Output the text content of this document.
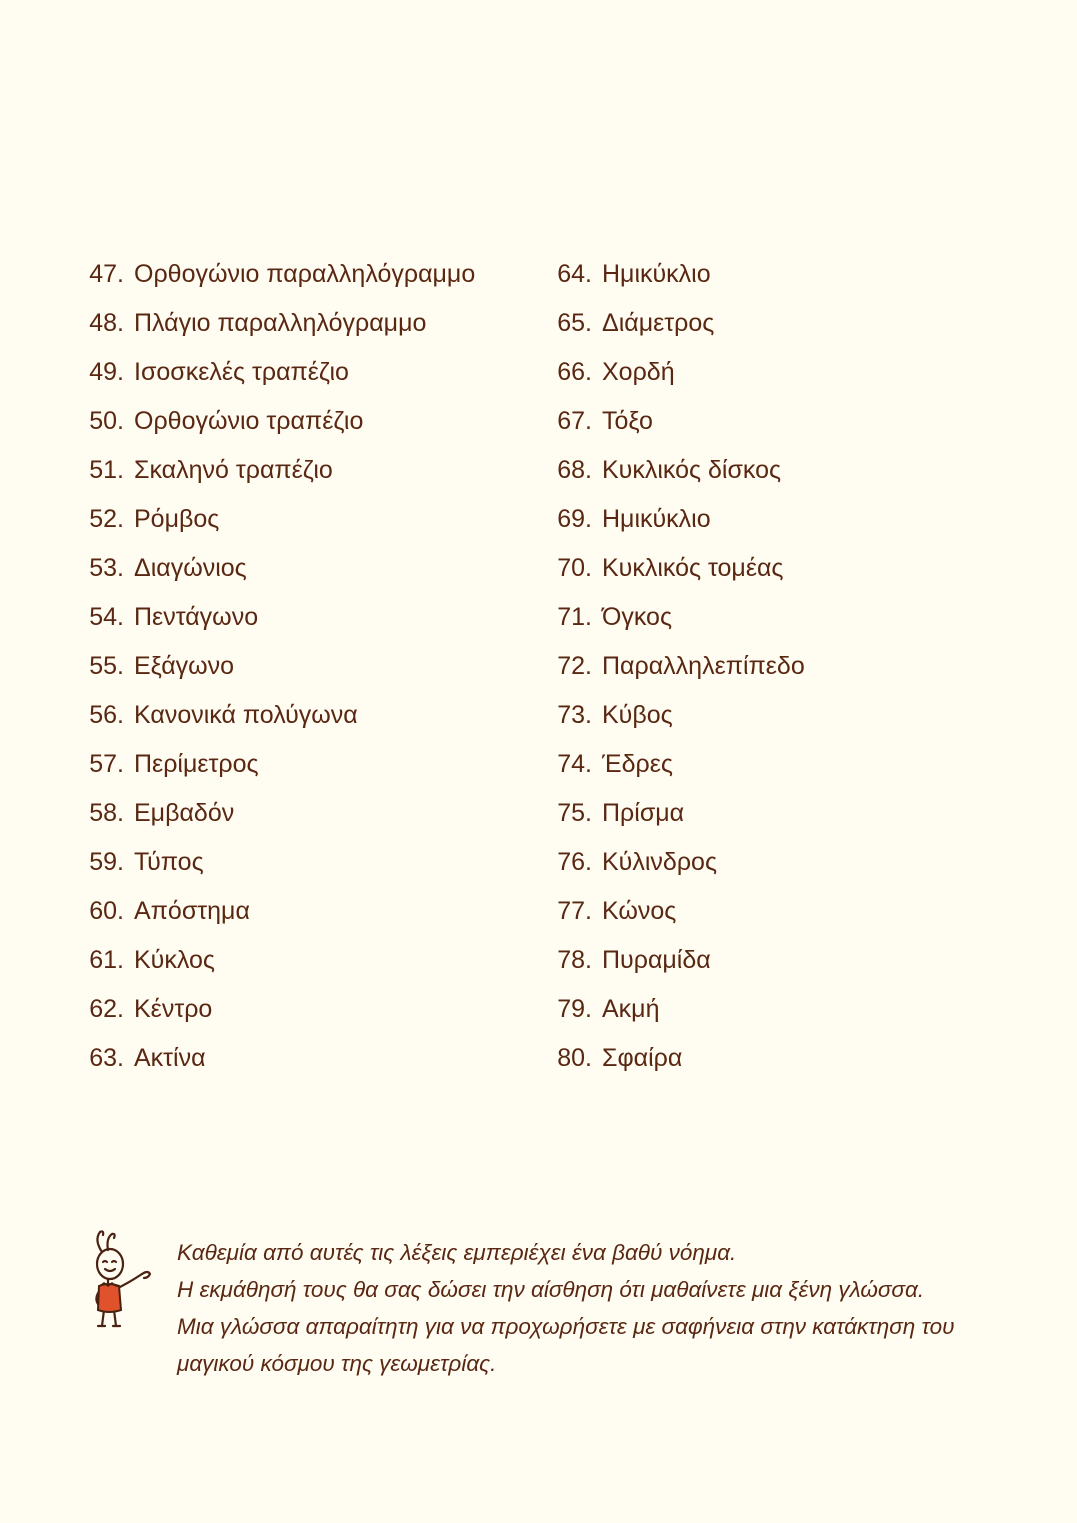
47. Ορθογώνιο παραλληλόγραμμο
48. Πλάγιο παραλληλόγραμμο
49. Ισοσκελές τραπέζιο
50. Ορθογώνιο τραπέζιο
51. Σκαληνό τραπέζιο
52. Ρόμβος
53. Διαγώνιος
54. Πεντάγωνο
55. Εξάγωνο
56. Κανονικά πολύγωνα
57. Περίμετρος
58. Εμβαδόν
59. Τύπος
60. Απόστημα
61. Κύκλος
62. Κέντρο
63. Ακτίνα
64. Ημικύκλιο
65. Διάμετρος
66. Χορδή
67. Τόξο
68. Κυκλικός δίσκος
69. Ημικύκλιο
70. Κυκλικός τομέας
71. Όγκος
72. Παραλληλεπίπεδο
73. Κύβος
74. Έδρες
75. Πρίσμα
76. Κύλινδρος
77. Κώνος
78. Πυραμίδα
79. Ακμή
80. Σφαίρα
Καθεμία από αυτές τις λέξεις εμπεριέχει ένα βαθύ νόημα.
Η εκμάθησή τους θα σας δώσει την αίσθηση ότι μαθαίνετε μια ξένη γλώσσα.
Μια γλώσσα απαραίτητη για να προχωρήσετε με σαφήνεια στην κατάκτηση του
μαγικού κόσμου της γεωμετρίας.
